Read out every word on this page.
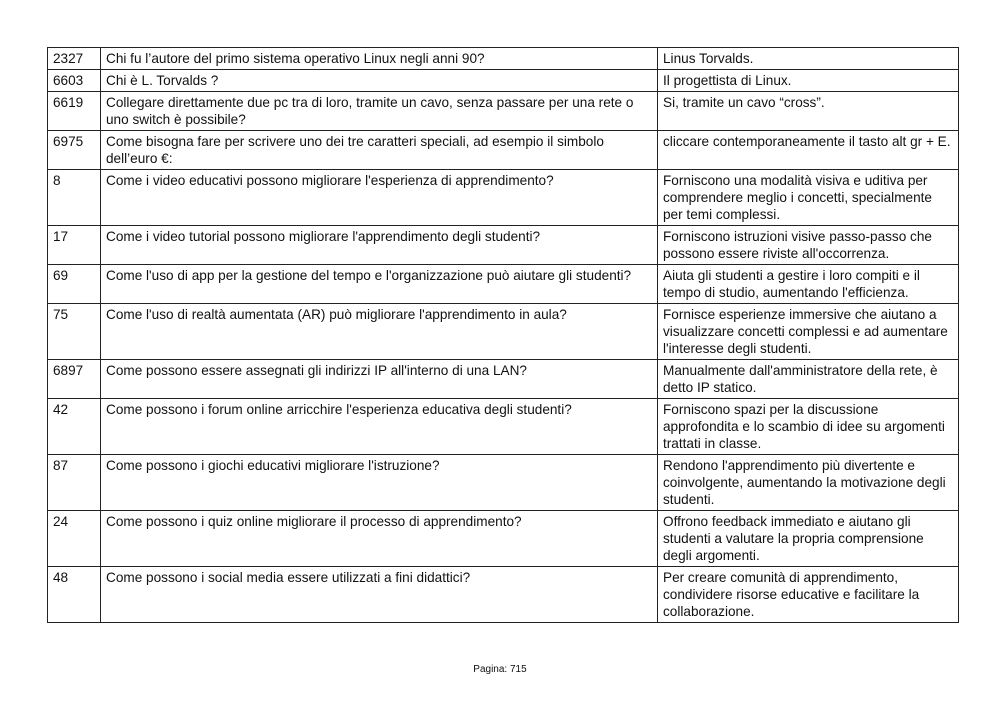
2327	Chi fu l’autore del primo sistema operativo Linux negli anni 90?	Linus Torvalds.
6603	Chi è L. Torvalds ?	Il progettista di Linux.
6619	Collegare direttamente due pc tra di loro, tramite un cavo, senza passare per una rete o uno switch è possibile?	Si, tramite un cavo “cross”.
6975	Come bisogna fare per scrivere uno dei tre caratteri speciali, ad esempio il simbolo dell’euro €:	cliccare contemporaneamente il tasto alt gr + E.
8	Come i video educativi possono migliorare l'esperienza di apprendimento?	Forniscono una modalità visiva e uditiva per comprendere meglio i concetti, specialmente per temi complessi.
17	Come i video tutorial possono migliorare l'apprendimento degli studenti?	Forniscono istruzioni visive passo-passo che possono essere riviste all'occorrenza.
69	Come l'uso di app per la gestione del tempo e l'organizzazione può aiutare gli studenti?	Aiuta gli studenti a gestire i loro compiti e il tempo di studio, aumentando l'efficienza.
75	Come l'uso di realtà aumentata (AR) può migliorare l'apprendimento in aula?	Fornisce esperienze immersive che aiutano a visualizzare concetti complessi e ad aumentare l'interesse degli studenti.
6897	Come possono essere assegnati gli indirizzi IP all'interno di una LAN?	Manualmente dall'amministratore della rete, è detto IP statico.
42	Come possono i forum online arricchire l'esperienza educativa degli studenti?	Forniscono spazi per la discussione approfondita e lo scambio di idee su argomenti trattati in classe.
87	Come possono i giochi educativi migliorare l'istruzione?	Rendono l'apprendimento più divertente e coinvolgente, aumentando la motivazione degli studenti.
24	Come possono i quiz online migliorare il processo di apprendimento?	Offrono feedback immediato e aiutano gli studenti a valutare la propria comprensione degli argomenti.
48	Come possono i social media essere utilizzati a fini didattici?	Per creare comunità di apprendimento, condividere risorse educative e facilitare la collaborazione.
Pagina: 715
